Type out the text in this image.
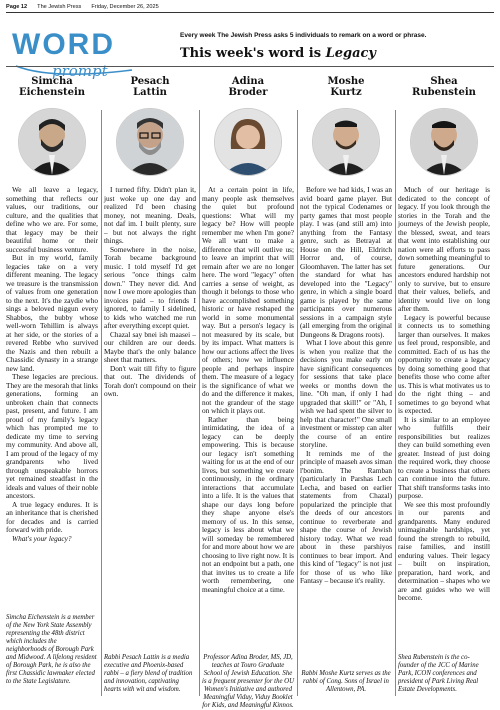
Page 12 The Jewish Press Friday, December 26, 2025
WORD
prompt
Every week The Jewish Press asks 5 individuals to remark on a word or phrase.
This week's word is Legacy
Simcha
Eichenstein

We all leave a legacy, something that reflects our values, our traditions, our culture, and the qualities that define who we are. For some, that legacy may be their beautiful home or their successful business venture.

But in my world, family legacies take on a very different meaning. The legacy we treasure is the transmission of values from one generation to the next. It's the zaydie who sings a beloved niggun every Shabbos, the bubby whose well-worn Tehillim is always at her side, or the stories of a revered Rebbe who survived the Nazis and then rebuilt a Chassidic dynasty in a strange new land.

These legacies are precious. They are the mesorah that links generations, forming an unbroken chain that connects past, present, and future. I am proud of my family's legacy which has prompted me to dedicate my time to serving my community. And above all, I am proud of the legacy of my grandparents who lived through unspeakable horrors yet remained steadfast in the ideals and values of their noble ancestors.

A true legacy endures. It is an inheritance that is cherished for decades and is carried forward with pride.

What's your legacy?

Simcha Eichenstein is a member of the New York State Assembly representing the 48th district which includes the neighborhoods of Borough Park and Midwood. A lifelong resident of Borough Park, he is also the first Chassidic lawmaker elected to the State Legislature.
Pesach
Lattin

I turned fifty. Didn't plan it, just woke up one day and realized I'd been chasing money, not meaning. Deals, not daf im. I built plenty, sure – but not always the right things.

Somewhere in the noise, Torah became background music. I told myself I'd get serious "once things calm down." They never did. And now I owe more apologies than invoices paid – to friends I ignored, to family I sidelined, to kids who watched me run after everything except quiet.

Chazal say bnei ish maasei – our children are our deeds. Maybe that's the only balance sheet that matters.

Don't wait till fifty to figure that out. The dividends of Torah don't compound on their own.

Rabbi Pesach Lattin is a media executive and Phoenix-based rabbi – a fiery blend of tradition and innovation, captivating hearts with wit and wisdom.
Adina
Broder

At a certain point in life, many people ask themselves the quiet but profound questions: What will my legacy be? How will people remember me when I'm gone? We all want to make a difference that will outlive us; to leave an imprint that will remain after we are no longer here. The word "legacy" often carries a sense of weight, as though it belongs to those who have accomplished something historic or have reshaped the world in some monumental way. But a person's legacy is not measured by its scale, but by its impact. What matters is how our actions affect the lives of others; how we influence people and perhaps inspire them. The measure of a legacy is the significance of what we do and the difference it makes, not the grandeur of the stage on which it plays out.

Rather than being intimidating, the idea of a legacy can be deeply empowering. This is because our legacy isn't something waiting for us at the end of our lives, but something we create continuously, in the ordinary interactions that accumulate into a life. It is the values that shape our days long before they shape anyone else's memory of us. In this sense, legacy is less about what we will someday be remembered for and more about how we are choosing to live right now. It is not an endpoint but a path, one that invites us to create a life worth remembering, one meaningful choice at a time.

Professor Adina Broder, MS, JD, teaches at Touro Graduate School of Jewish Education. She is a frequent presenter for the OU Women's Initiative and authored Meaningful Viduy, Viduy Booklet for Kids, and Meaningful Kinnos.
Moshe
Kurtz

Before we had kids, I was an avid board game player. But not the typical Codenames or party games that most people play. I was (and still am) into anything from the Fantasy genre, such as Betrayal at House on the Hill, Eldritch Horror and, of course, Gloomhaven. The latter has set the standard for what has developed into the "Legacy" genre, in which a single board game is played by the same participants over numerous sessions in a campaign style (all emerging from the original Dungeons & Dragons roots).

What I love about this genre is when you realize that the decisions you make early on have significant consequences for sessions that take place weeks or months down the line. "Oh man, if only I had upgraded that skill!" or "Ah, I wish we had spent the silver to help that character!" One small investment or misstep can alter the course of an entire storyline.

It reminds me of the principle of maaseh avos siman l'bonim. The Ramban (particularly in Parshas Lech Lecha, and based on earlier statements from Chazal) popularized the principle that the deeds of our ancestors continue to reverberate and shape the course of Jewish history today. What we read about in these parshiyos continues to bear import. And this kind of "legacy" is not just for those of us who like Fantasy – because it's reality.

Rabbi Moshe Kurtz serves as the rabbi of Cong. Sons of Israel in Allentown, PA.
Shea
Rubenstein

Much of our heritage is dedicated to the concept of legacy. If you look through the stories in the Torah and the journeys of the Jewish people, the blessed, sweat, and tears that went into establishing our nation were all efforts to pass down something meaningful to future generations. Our ancestors endured hardship not only to survive, but to ensure that their values, beliefs, and identity would live on long after them.

Legacy is powerful because it connects us to something larger than ourselves. It makes us feel proud, responsible, and committed. Each of us has the opportunity to create a legacy by doing something good that benefits those who come after us. This is what motivates us to do the right thing – and sometimes to go beyond what is expected.

It is similar to an employee who fulfills their responsibilities but realizes they can build something even greater. Instead of just doing the required work, they choose to create a business that others can continue into the future. That shift transforms tasks into purpose.

We see this most profoundly in our parents and grandparents. Many endured unimaginable hardships, yet found the strength to rebuild, raise families, and instill enduring values. Their legacy – built on inspiration, preparation, hard work, and determination – shapes who we are and guides who we will become.

Shea Rubenstein is the co-founder of the JCC of Marine Park, ICON conferences and president of Park Living Real Estate Developments.
